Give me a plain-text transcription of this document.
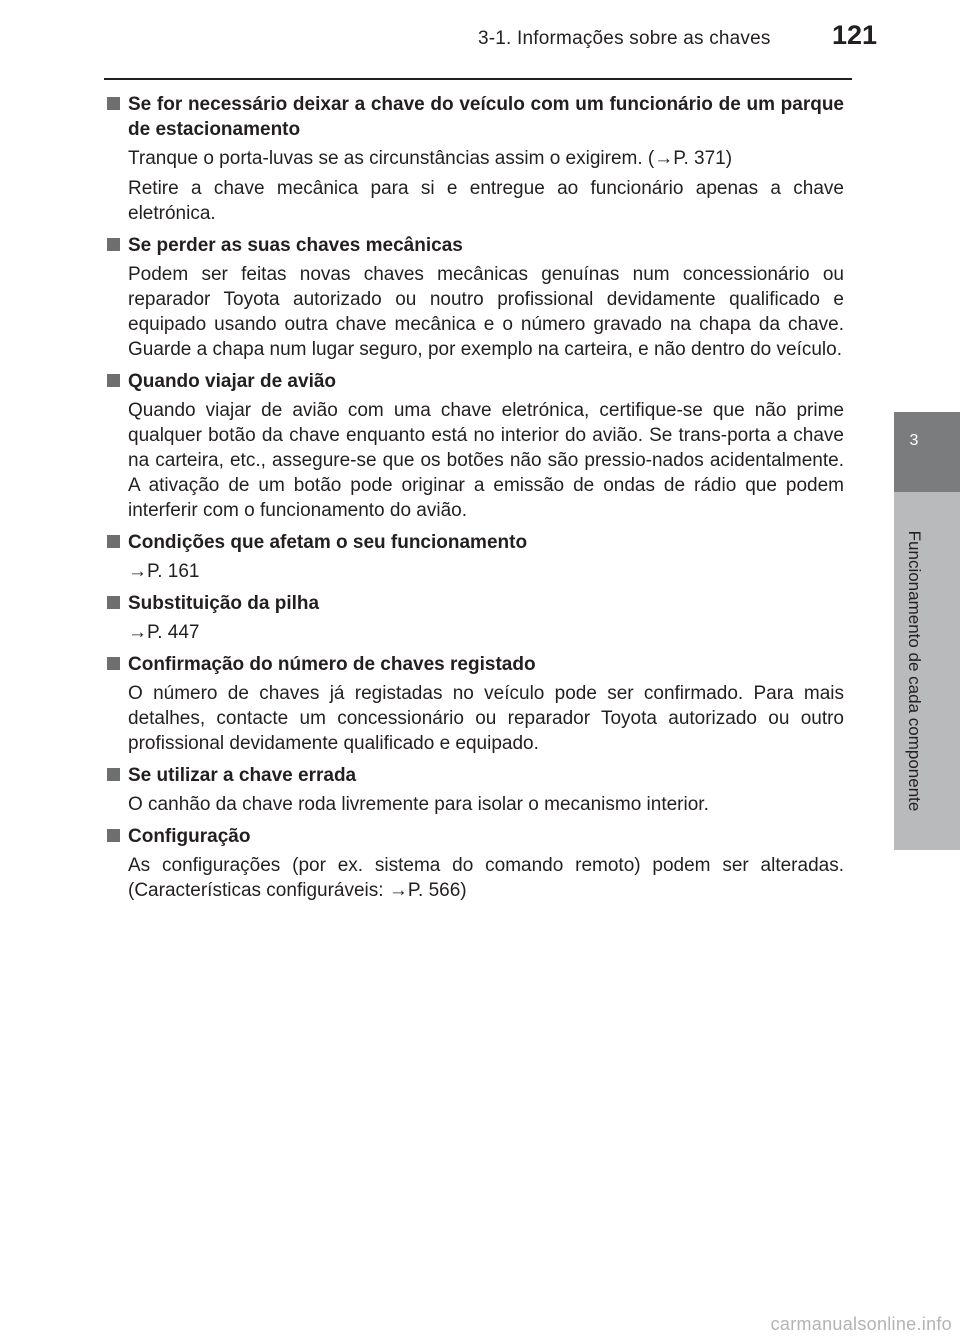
3-1. Informações sobre as chaves 121
3
Funcionamento de cada componente
Se for necessário deixar a chave do veículo com um funcionário de um parque de estacionamento
Tranque o porta-luvas se as circunstâncias assim o exigirem. (→P. 371)
Retire a chave mecânica para si e entregue ao funcionário apenas a chave eletrónica.
Se perder as suas chaves mecânicas
Podem ser feitas novas chaves mecânicas genuínas num concessionário ou reparador Toyota autorizado ou noutro profissional devidamente qualificado e equipado usando outra chave mecânica e o número gravado na chapa da chave. Guarde a chapa num lugar seguro, por exemplo na carteira, e não dentro do veículo.
Quando viajar de avião
Quando viajar de avião com uma chave eletrónica, certifique-se que não prime qualquer botão da chave enquanto está no interior do avião. Se trans-porta a chave na carteira, etc., assegure-se que os botões não são pressio-nados acidentalmente. A ativação de um botão pode originar a emissão de ondas de rádio que podem interferir com o funcionamento do avião.
Condições que afetam o seu funcionamento
→P. 161
Substituição da pilha
→P. 447
Confirmação do número de chaves registado
O número de chaves já registadas no veículo pode ser confirmado. Para mais detalhes, contacte um concessionário ou reparador Toyota autorizado ou outro profissional devidamente qualificado e equipado.
Se utilizar a chave errada
O canhão da chave roda livremente para isolar o mecanismo interior.
Configuração
As configurações (por ex. sistema do comando remoto) podem ser alteradas. (Características configuráveis: →P. 566)
carmanualsonline.info
